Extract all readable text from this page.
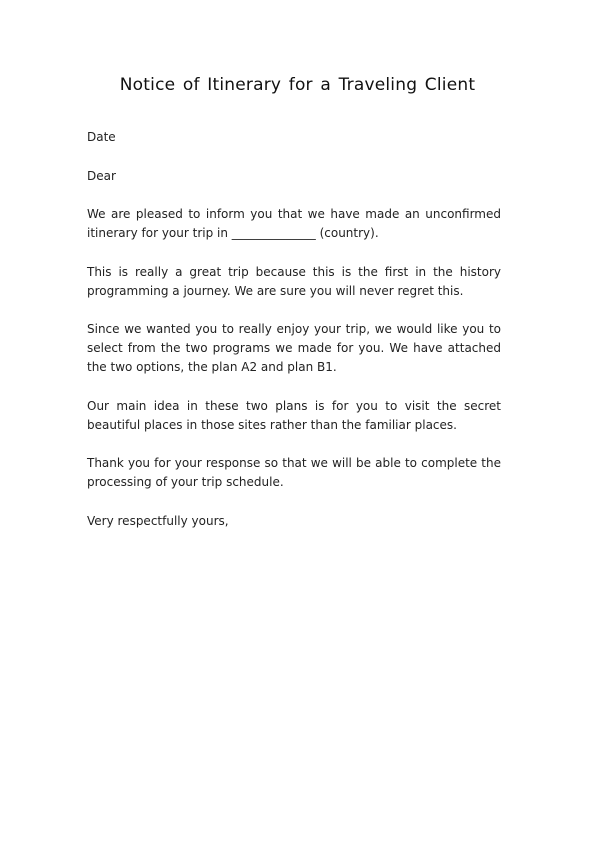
Notice of Itinerary for a Traveling Client
Date
Dear
We are pleased to inform you that we have made an unconfirmed itinerary for your trip in ______________ (country).
This is really a great trip because this is the first in the history programming a journey. We are sure you will never regret this.
Since we wanted you to really enjoy your trip, we would like you to select from the two programs we made for you. We have attached the two options, the plan A2 and plan B1.
Our main idea in these two plans is for you to visit the secret beautiful places in those sites rather than the familiar places.
Thank you for your response so that we will be able to complete the processing of your trip schedule.
Very respectfully yours,
